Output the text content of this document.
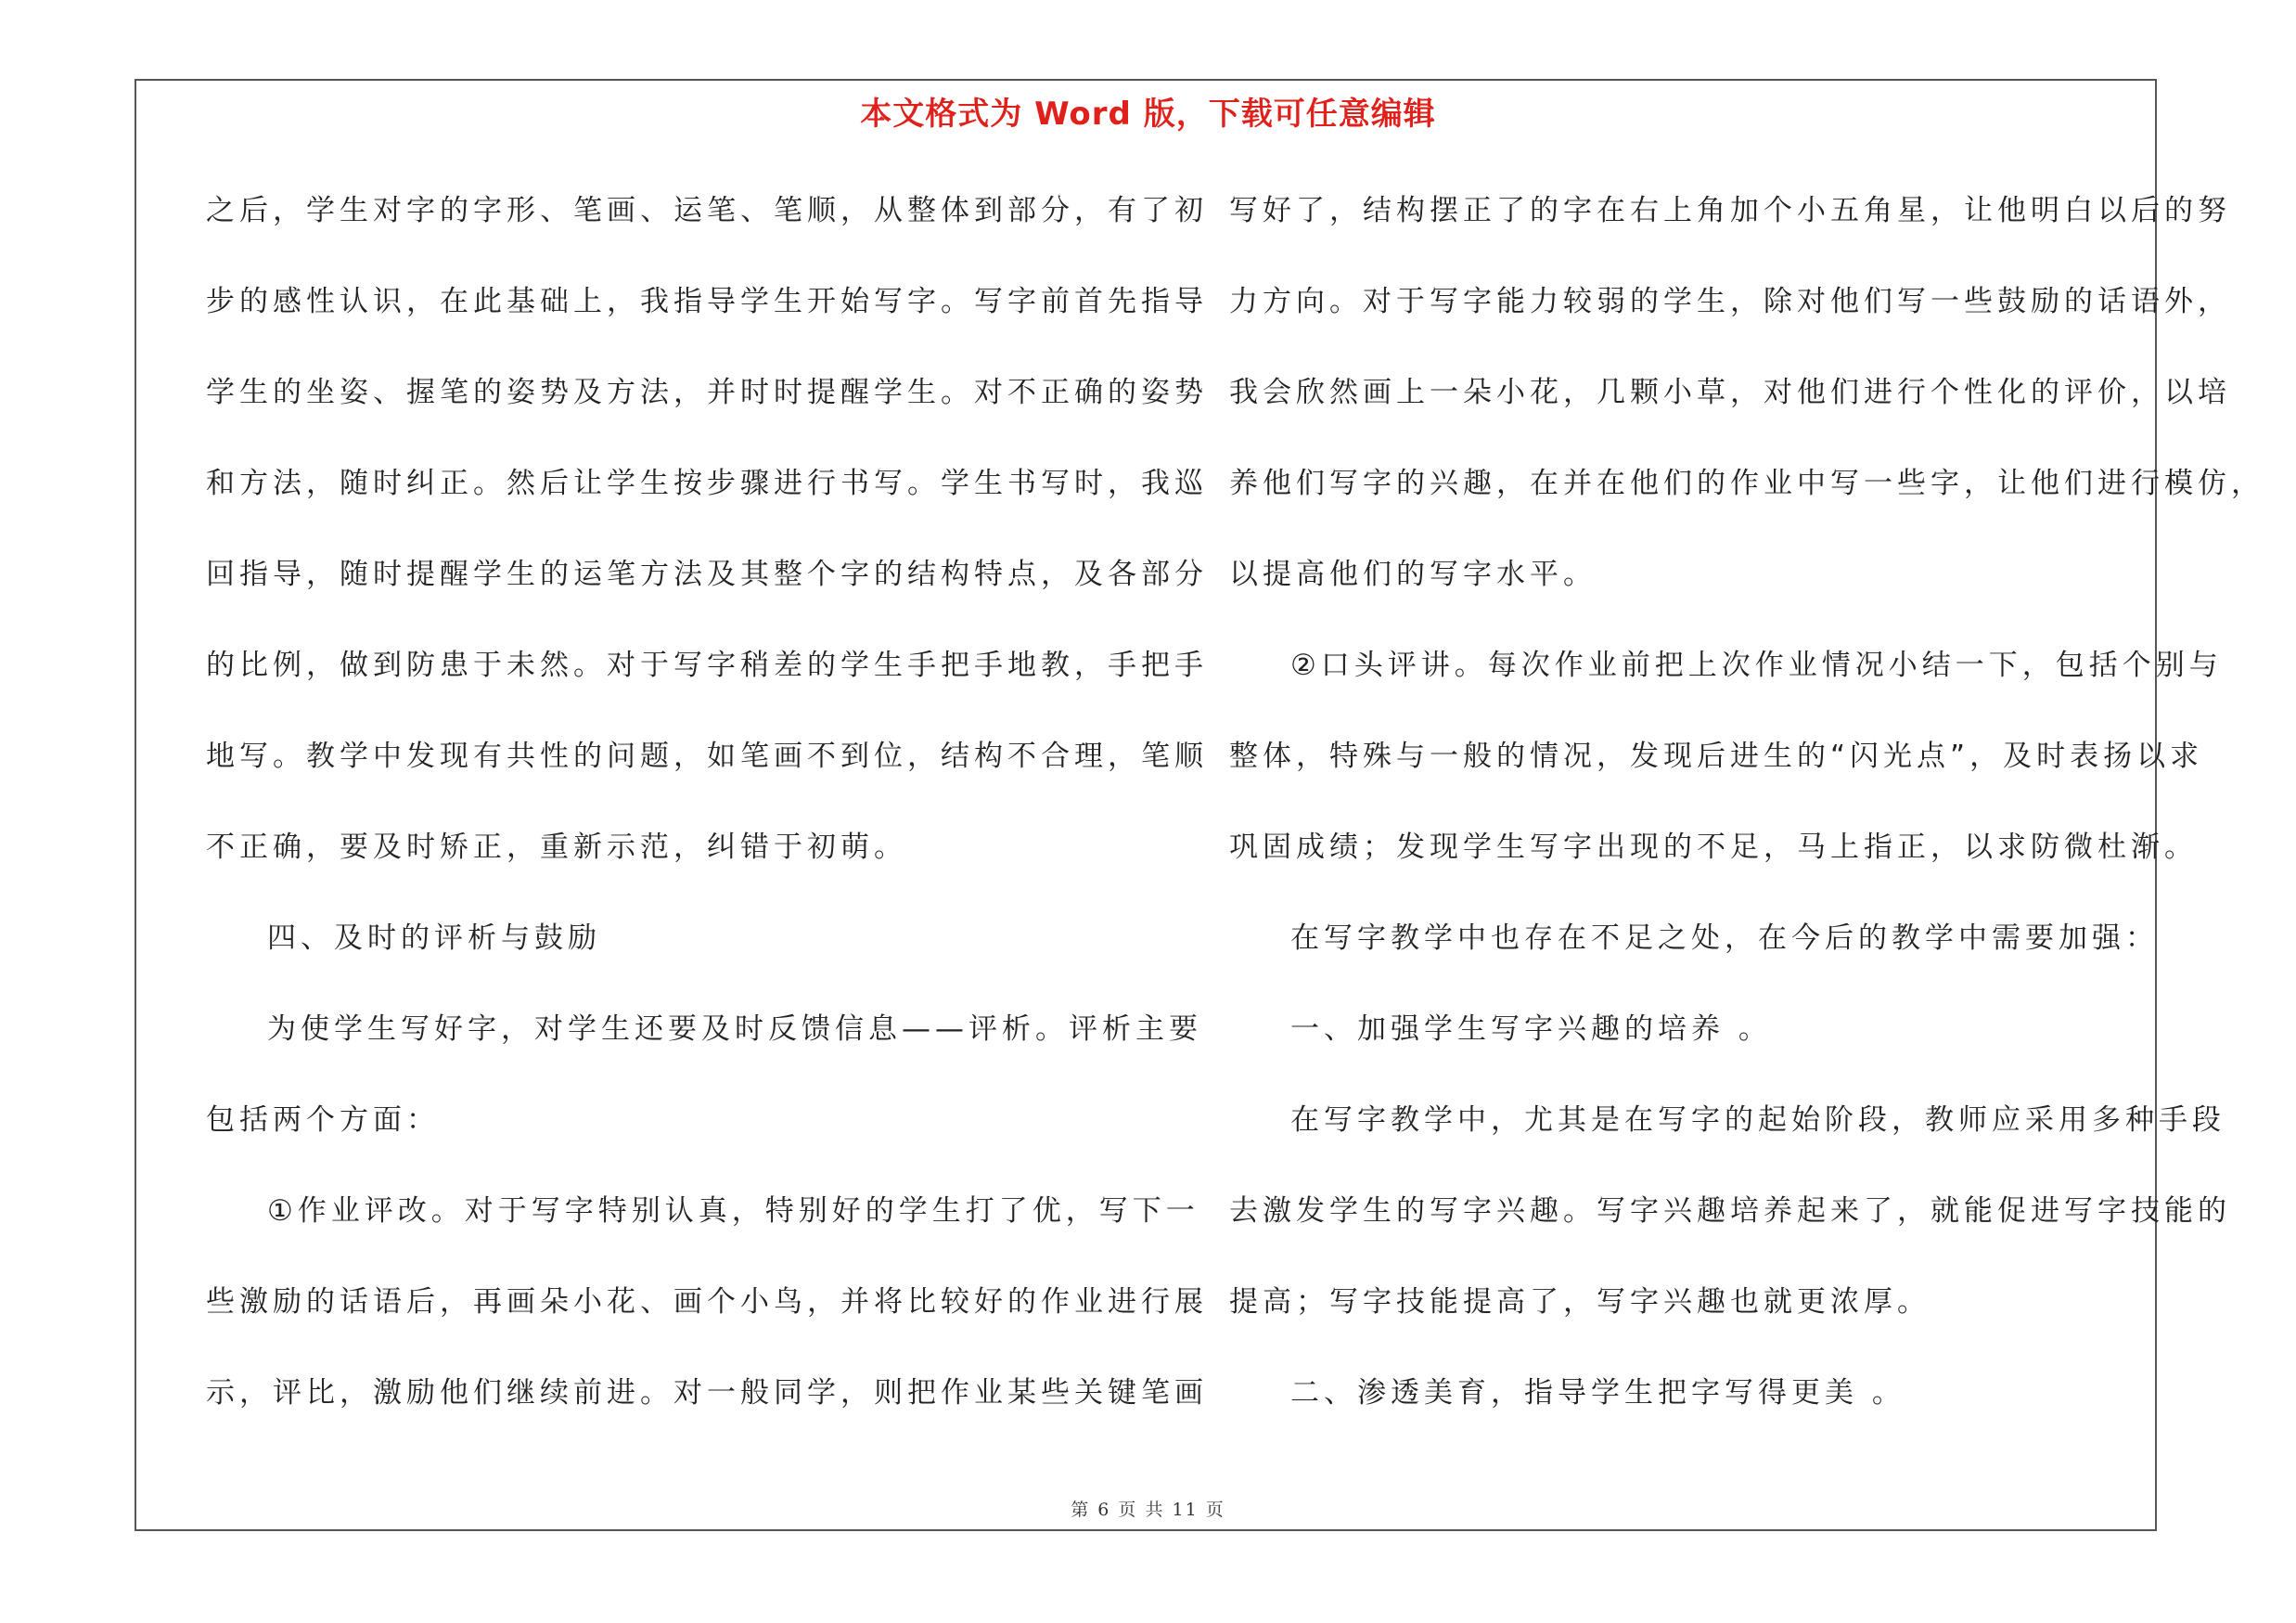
本文格式为 Word 版，下载可任意编辑
之后，学生对字的字形、笔画、运笔、笔顺，从整体到部分，有了初
步的感性认识，在此基础上，我指导学生开始写字。写字前首先指导
学生的坐姿、握笔的姿势及方法，并时时提醒学生。对不正确的姿势
和方法，随时纠正。然后让学生按步骤进行书写。学生书写时，我巡
回指导，随时提醒学生的运笔方法及其整个字的结构特点，及各部分
的比例，做到防患于未然。对于写字稍差的学生手把手地教，手把手
地写。教学中发现有共性的问题，如笔画不到位，结构不合理，笔顺
不正确，要及时矫正，重新示范，纠错于初萌。
四、及时的评析与鼓励
为使学生写好字，对学生还要及时反馈信息——评析。评析主要
包括两个方面：
①作业评改。对于写字特别认真，特别好的学生打了优，写下一
些激励的话语后，再画朵小花、画个小鸟，并将比较好的作业进行展
示，评比，激励他们继续前进。对一般同学，则把作业某些关键笔画
写好了，结构摆正了的字在右上角加个小五角星，让他明白以后的努
力方向。对于写字能力较弱的学生，除对他们写一些鼓励的话语外，
我会欣然画上一朵小花，几颗小草，对他们进行个性化的评价，以培
养他们写字的兴趣，在并在他们的作业中写一些字，让他们进行模仿，
以提高他们的写字水平。
②口头评讲。每次作业前把上次作业情况小结一下，包括个别与
整体，特殊与一般的情况，发现后进生的“闪光点”，及时表扬以求
巩固成绩；发现学生写字出现的不足，马上指正，以求防微杜渐。
在写字教学中也存在不足之处，在今后的教学中需要加强：
一、加强学生写字兴趣的培养 。
在写字教学中，尤其是在写字的起始阶段，教师应采用多种手段
去激发学生的写字兴趣。写字兴趣培养起来了，就能促进写字技能的
提高；写字技能提高了，写字兴趣也就更浓厚。
二、渗透美育，指导学生把字写得更美 。
第 6 页 共 11 页
